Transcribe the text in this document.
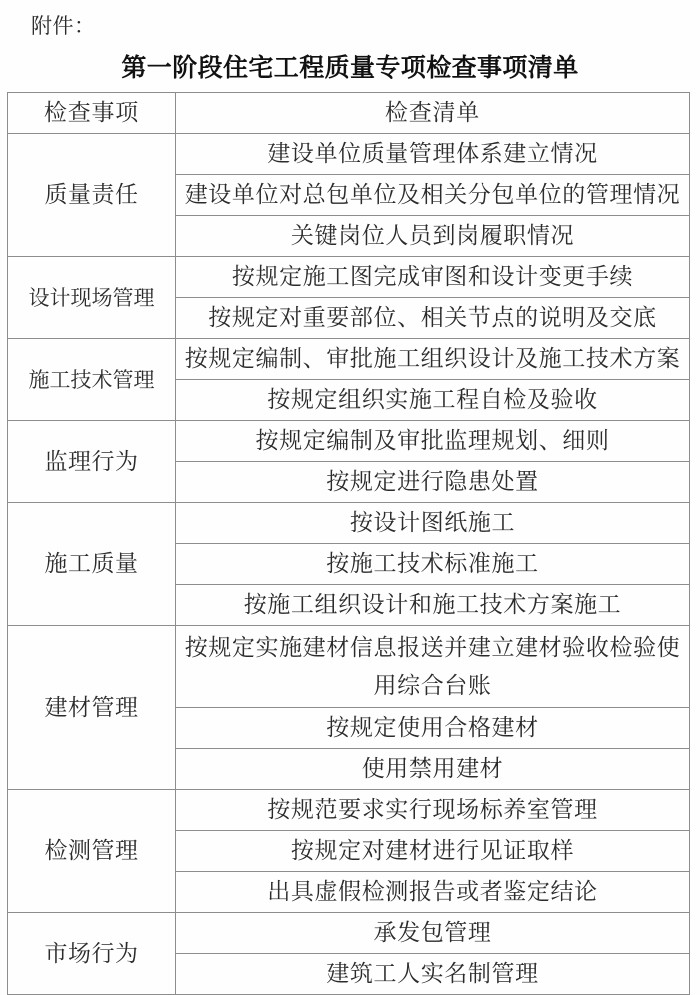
附件：
第一阶段住宅工程质量专项检查事项清单
检查事项	检查清单
质量责任	建设单位质量管理体系建立情况
	建设单位对总包单位及相关分包单位的管理情况
	关键岗位人员到岗履职情况
设计现场管理	按规定施工图完成审图和设计变更手续
	按规定对重要部位、相关节点的说明及交底
施工技术管理	按规定编制、审批施工组织设计及施工技术方案
	按规定组织实施工程自检及验收
监理行为	按规定编制及审批监理规划、细则
	按规定进行隐患处置
施工质量	按设计图纸施工
	按施工技术标准施工
	按施工组织设计和施工技术方案施工
建材管理	按规定实施建材信息报送并建立建材验收检验使用综合台账
	按规定使用合格建材
	使用禁用建材
检测管理	按规范要求实行现场标养室管理
	按规定对建材进行见证取样
	出具虚假检测报告或者鉴定结论
市场行为	承发包管理
	建筑工人实名制管理
